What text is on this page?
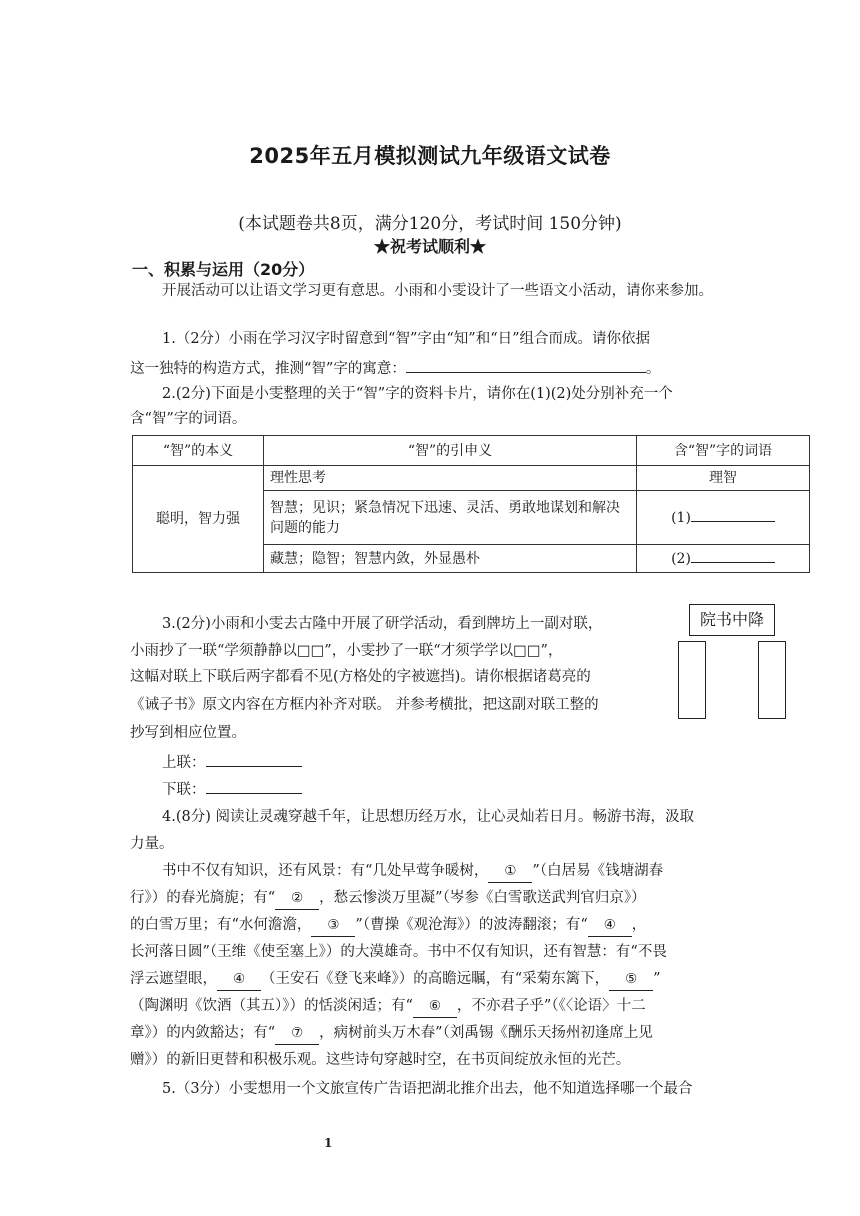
2025年五月模拟测试九年级语文试卷
(本试题卷共8页，满分120分，考试时间 150分钟)
★祝考试顺利★
一、积累与运用（20分）
开展活动可以让语文学习更有意思。小雨和小雯设计了一些语文小活动，请你来参加。
1.（2分）小雨在学习汉字时留意到“智”字由“知”和“日”组合而成。请你依据
这一独特的构造方式，推测“智”字的寓意：	。
2.(2分)下面是小雯整理的关于“智”字的资料卡片，请你在(1)(2)处分别补充一个
含“智”字的词语。
“智”的本义	“智”的引申义	含“智”字的词语
聪明，智力强	理性思考	理智
	智慧；见识；紧急情况下迅速、灵活、勇敢地谋划和解决问题的能力	(1)
	藏慧；隐智；智慧内敛，外显愚朴	(2)
3.(2分)小雨和小雯去古隆中开展了研学活动，看到牌坊上一副对联，
小雨抄了一联“学须静静以□□”，小雯抄了一联“才须学学以□□”，
这幅对联上下联后两字都看不见(方格处的字被遮挡)。请你根据诸葛亮的
《诫子书》原文内容在方框内补齐对联。 并参考横批，把这副对联工整的
抄写到相应位置。
院书中降
上联：
下联：
4.(8分) 阅读让灵魂穿越千年，让思想历经万水，让心灵灿若日月。畅游书海，汲取
力量。
书中不仅有知识，还有风景：有“几处早莺争暖树， ① ”（白居易《钱塘湖春
行》）的春光旖旎；有“ ② ，愁云惨淡万里凝”（岑参《白雪歌送武判官归京》）
的白雪万里；有“水何澹澹， ③ ”（曹操《观沧海》）的波涛翻滚；有“ ④ ，
长河落日圆”（王维《使至塞上》）的大漠雄奇。书中不仅有知识，还有智慧：有“不畏
浮云遮望眼， ④ （王安石《登飞来峰》）的高瞻远瞩，有“采菊东篱下， ⑤ ”
（陶渊明《饮酒（其五）》）的恬淡闲适；有“ ⑥ ，不亦君子乎”（《〈论语〉十二
章》）的内敛豁达；有“ ⑦ ，病树前头万木春”（刘禹锡《酬乐天扬州初逢席上见
赠》）的新旧更替和积极乐观。这些诗句穿越时空，在书页间绽放永恒的光芒。
5.（3分）小雯想用一个文旅宣传广告语把湖北推介出去，他不知道选择哪一个最合
1
